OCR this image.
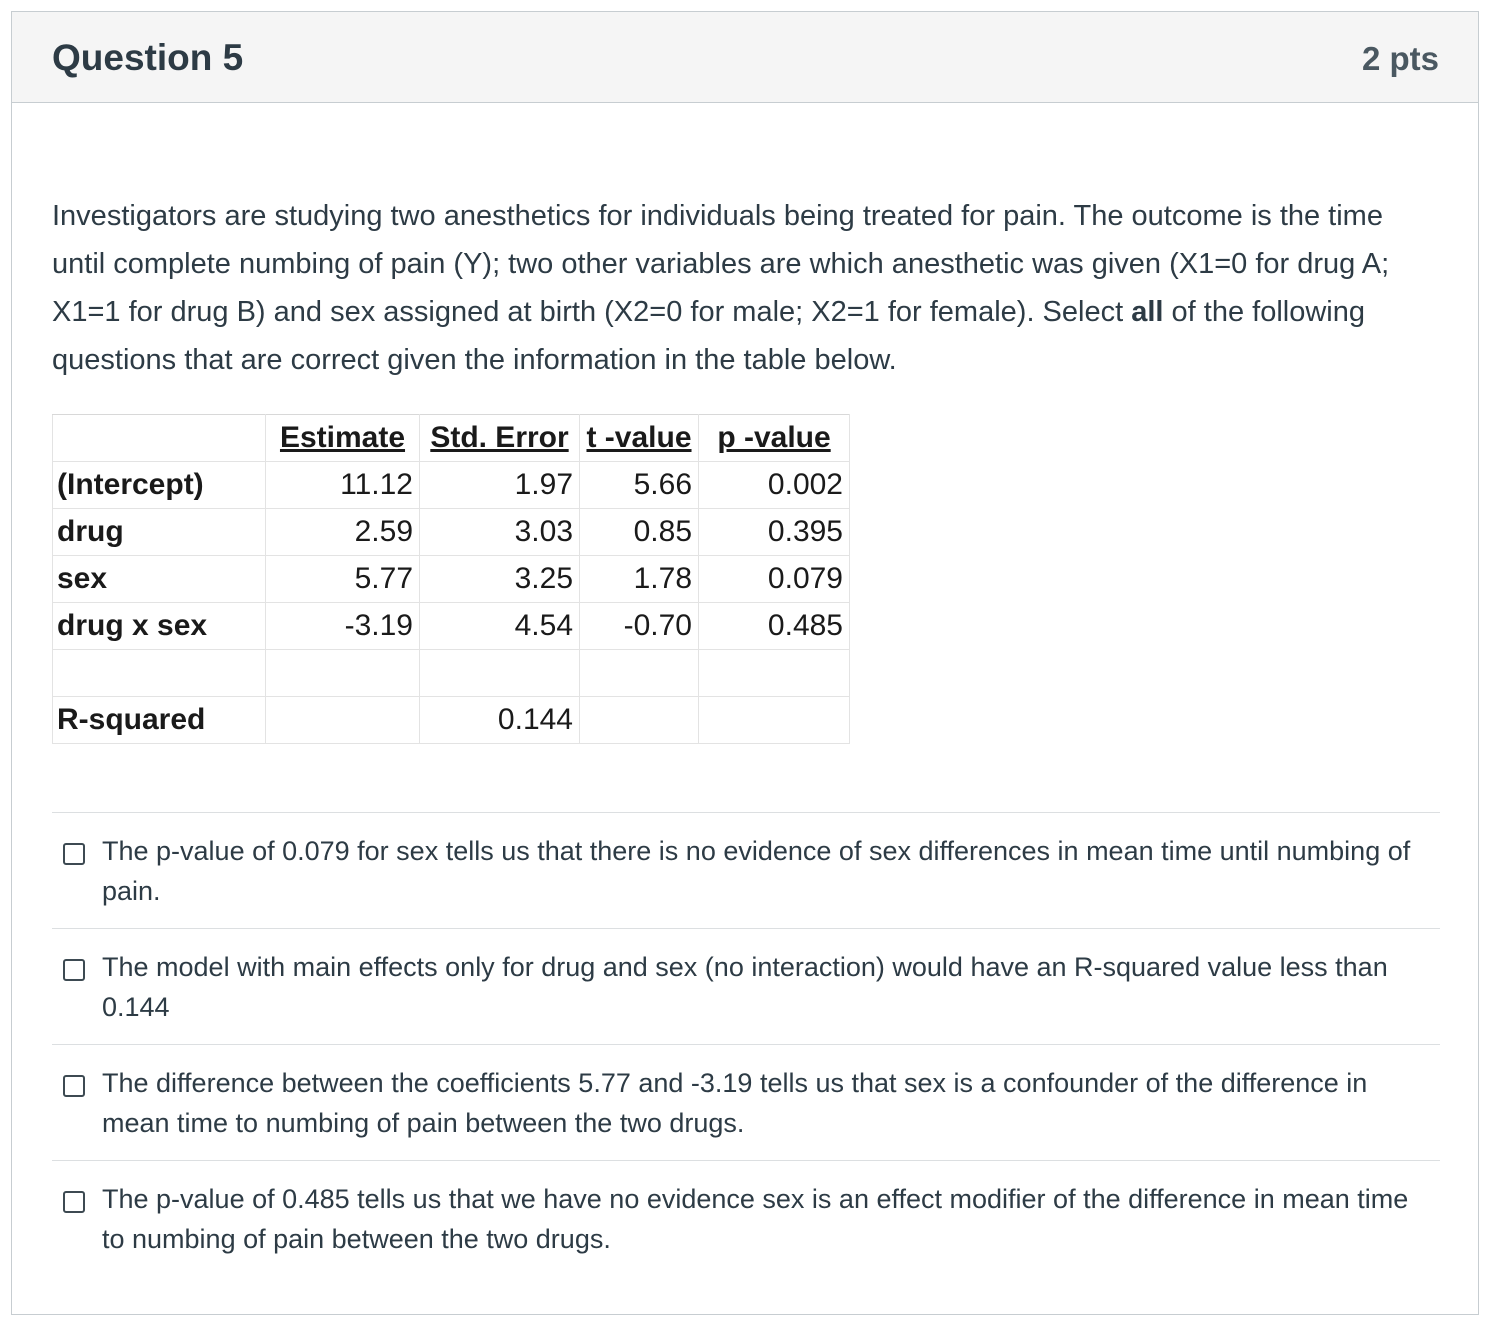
Question 5	2 pts

Investigators are studying two anesthetics for individuals being treated for pain. The outcome is the time until complete numbing of pain (Y); two other variables are which anesthetic was given (X1=0 for drug A; X1=1 for drug B) and sex assigned at birth (X2=0 for male; X2=1 for female). Select all of the following questions that are correct given the information in the table below.

	Estimate	Std. Error	t -value	p -value
(Intercept)	11.12	1.97	5.66	0.002
drug	2.59	3.03	0.85	0.395
sex	5.77	3.25	1.78	0.079
drug x sex	-3.19	4.54	-0.70	0.485

R-squared		0.144		
The p-value of 0.079 for sex tells us that there is no evidence of sex differences in mean time until numbing of pain.
The model with main effects only for drug and sex (no interaction) would have an R-squared value less than 0.144
The difference between the coefficients 5.77 and -3.19 tells us that sex is a confounder of the difference in mean time to numbing of pain between the two drugs.
The p-value of 0.485 tells us that we have no evidence sex is an effect modifier of the difference in mean time to numbing of pain between the two drugs.
